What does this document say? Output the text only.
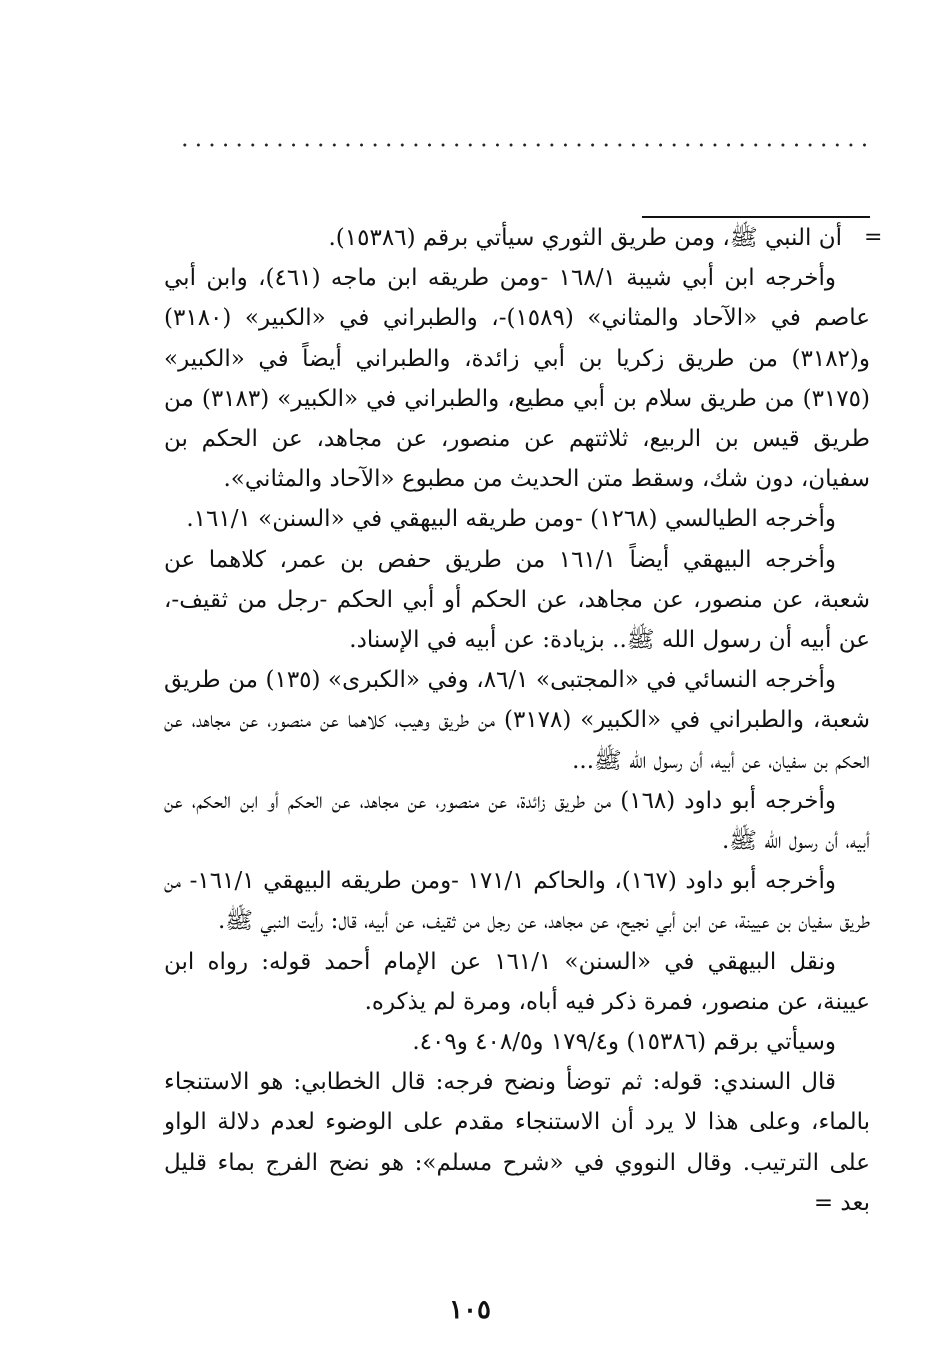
=

أن النبي ﷺ، ومن طريق الثوري سيأتي برقم (١٥٣٨٦).

وأخرجه ابن أبي شيبة ١٦٨/١ -ومن طريقه ابن ماجه (٤٦١)، وابن أبي عاصم في «الآحاد والمثاني» (١٥٨٩)-، والطبراني في «الكبير» (٣١٨٠) و(٣١٨٢) من طريق زكريا بن أبي زائدة، والطبراني أيضاً في «الكبير» (٣١٧٥) من طريق سلام بن أبي مطيع، والطبراني في «الكبير» (٣١٨٣) من طريق قيس بن الربيع، ثلاثتهم عن منصور، عن مجاهد، عن الحكم بن سفيان، دون شك، وسقط متن الحديث من مطبوع «الآحاد والمثاني».

وأخرجه الطيالسي (١٢٦٨) -ومن طريقه البيهقي في «السنن» ١٦١/١.

وأخرجه البيهقي أيضاً ١٦١/١ من طريق حفص بن عمر، كلاهما عن شعبة، عن منصور، عن مجاهد، عن الحكم أو أبي الحكم -رجل من ثقيف-، عن أبيه أن رسول الله ﷺ.. بزيادة: عن أبيه في الإسناد.

وأخرجه النسائي في «المجتبى» ٨٦/١، وفي «الكبرى» (١٣٥) من طريق شعبة، والطبراني في «الكبير» (٣١٧٨) من طريق وهيب، كلاهما عن منصور، عن مجاهد، عن الحكم بن سفيان، عن أبيه، أن رسول الله ﷺ...

وأخرجه أبو داود (١٦٨) من طريق زائدة، عن منصور، عن مجاهد، عن الحكم أو ابن الحكم، عن أبيه، أن رسول الله ﷺ.

وأخرجه أبو داود (١٦٧)، والحاكم ١٧١/١ -ومن طريقه البيهقي ١٦١/١- من طريق سفيان بن عيينة، عن ابن أبي نجيح، عن مجاهد، عن رجل من ثقيف، عن أبيه، قال: رأيت النبي ﷺ.

ونقل البيهقي في «السنن» ١٦١/١ عن الإمام أحمد قوله: رواه ابن عيينة، عن منصور، فمرة ذكر فيه أباه، ومرة لم يذكره.

وسيأتي برقم (١٥٣٨٦) و١٧٩/٤ و٤٠٨/٥ و٤٠٩.

قال السندي: قوله: ثم توضأ ونضح فرجه: قال الخطابي: هو الاستنجاء بالماء، وعلى هذا لا يرد أن الاستنجاء مقدم على الوضوء لعدم دلالة الواو على الترتيب. وقال النووي في «شرح مسلم»: هو نضح الفرج بماء قليل بعد =

١٠٥
